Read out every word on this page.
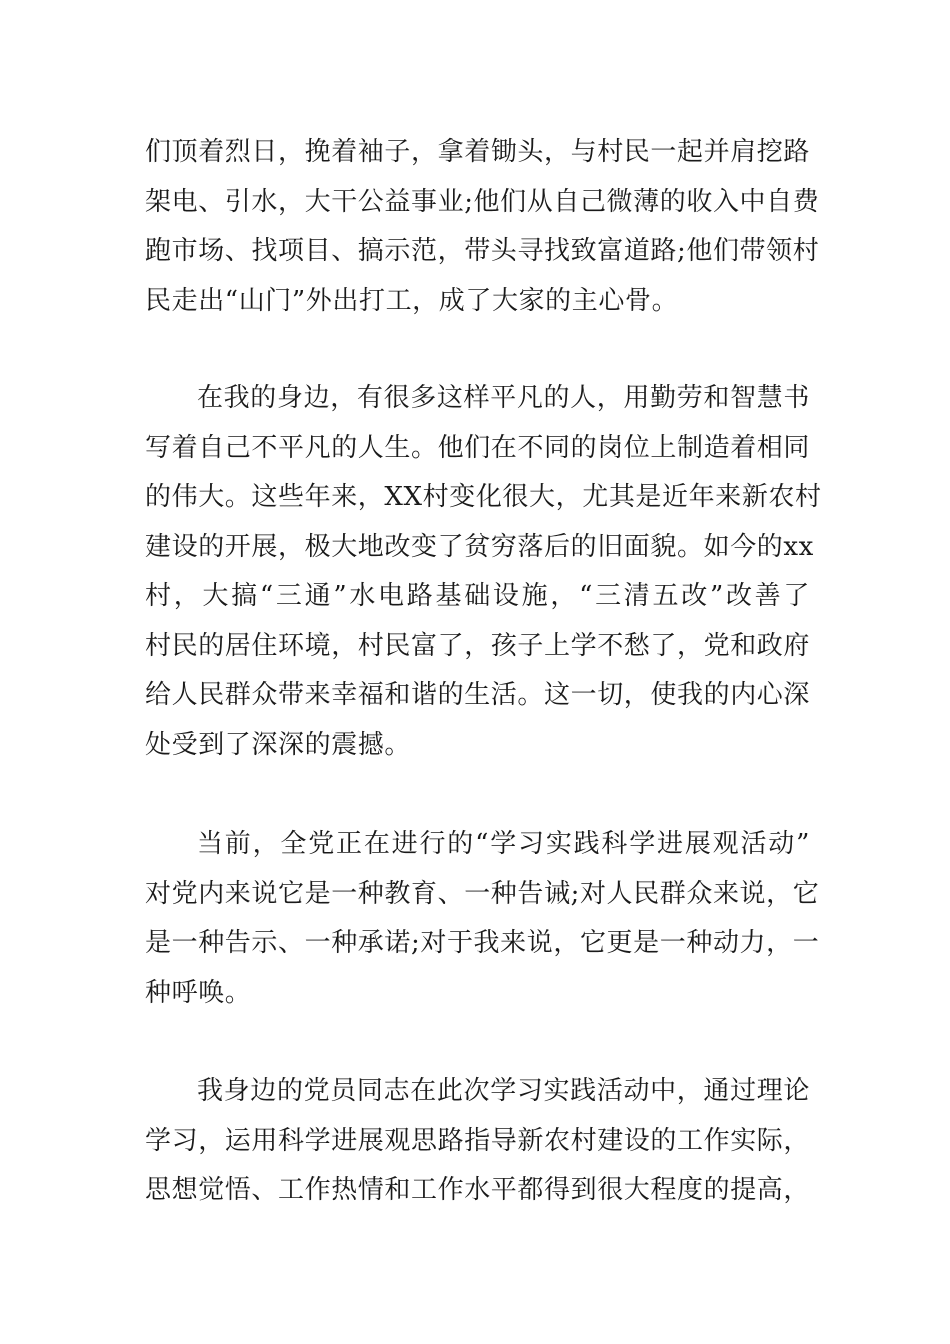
们顶着烈日，挽着袖子，拿着锄头，与村民一起并肩挖路
架电、引水，大干公益事业;他们从自己微薄的收入中自费
跑市场、找项目、搞示范，带头寻找致富道路;他们带领村
民走出“山门”外出打工，成了大家的主心骨。
在我的身边，有很多这样平凡的人，用勤劳和智慧书
写着自己不平凡的人生。他们在不同的岗位上制造着相同
的伟大。这些年来，XX村变化很大，尤其是近年来新农村
建设的开展，极大地改变了贫穷落后的旧面貌。如今的xx
村，大搞“三通”水电路基础设施，“三清五改”改善了
村民的居住环境，村民富了，孩子上学不愁了，党和政府
给人民群众带来幸福和谐的生活。这一切，使我的内心深
处受到了深深的震撼。
当前，全党正在进行的“学习实践科学进展观活动”
对党内来说它是一种教育、一种告诫;对人民群众来说，它
是一种告示、一种承诺;对于我来说，它更是一种动力，一
种呼唤。
我身边的党员同志在此次学习实践活动中，通过理论
学习，运用科学进展观思路指导新农村建设的工作实际，
思想觉悟、工作热情和工作水平都得到很大程度的提高，
